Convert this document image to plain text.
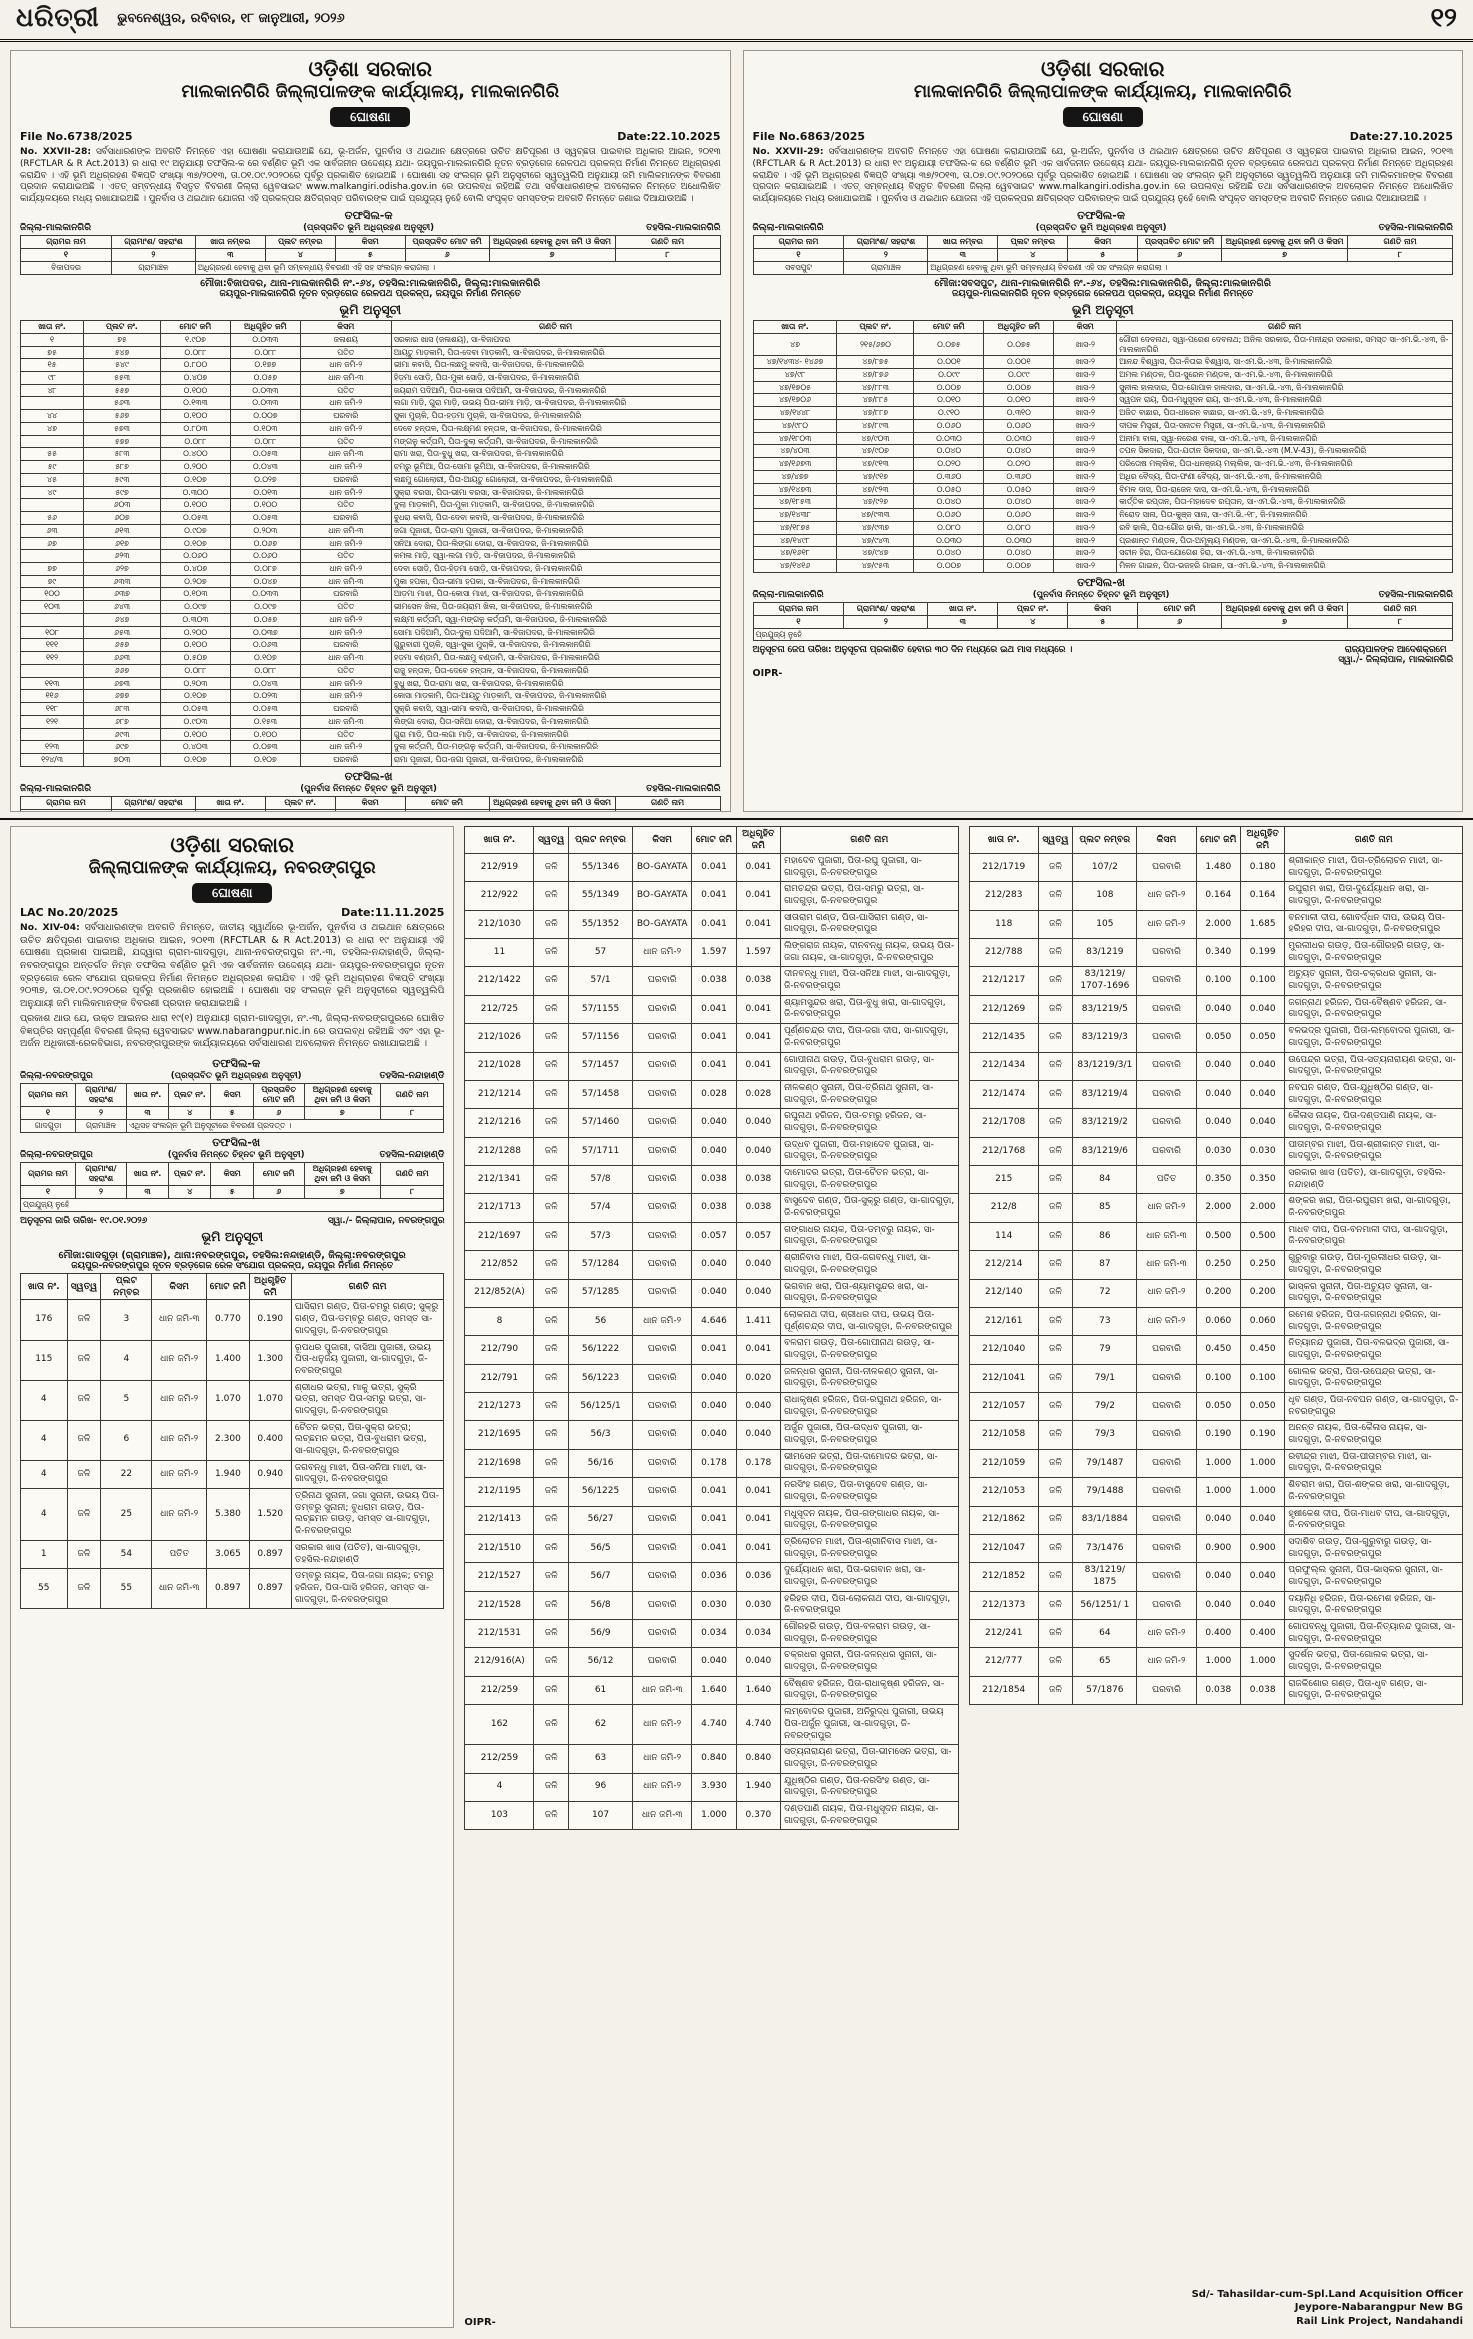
ଧରିତ୍ରୀ ଭୁବନେଶ୍ୱର, ରବିବାର, ୧୮ ଜାନୁଆରୀ, ୨୦୨୬	୧୨
ଓଡ଼ିଶା ସରକାର
ମାଲକାନଗିରି ଜିଲ୍ଲାପାଳଙ୍କ କାର୍ଯ୍ୟାଳୟ, ମାଲକାନଗିରି
ଘୋଷଣା
File No.6738/2025	Date:22.10.2025

No. XXVII-28: ସର୍ବସାଧାରଣଙ୍କ ଅବଗତି ନିମନ୍ତେ ଏହା ଘୋଷଣା କରାଯାଉଅଛି ଯେ, ଭୂ-ଅର୍ଜନ, ପୁନର୍ବାସ ଓ ଥଇଥାନ କ୍ଷେତ୍ରରେ ଉଚିତ କ୍ଷତିପୂରଣ ଓ ସ୍ୱଚ୍ଛତା ପାଇବାର ଅଧିକାର ଆଇନ, ୨୦୧୩ (RFCTLAR & R Act.2013) ର ଧାରା ୧୯ ଅନୁଯାୟୀ ତଫସିଲ-କ ରେ ବର୍ଣ୍ଣିତ ଭୂମି ଏକ ସାର୍ବଜନୀନ ଉଦ୍ଦେଶ୍ୟ ଯଥା- ଜୟପୁର-ମାଲକାନଗିରି ନୂତନ ବ୍ରଡ଼ଗେଜ ରେଳପଥ ପ୍ରକଳ୍ପ ନିର୍ମାଣ ନିମନ୍ତେ ଅଧିଗ୍ରହଣ କରାଯିବ । ଏହି ଭୂମି ଅଧିଗ୍ରହଣ ବିଜ୍ଞପ୍ତି ସଂଖ୍ୟା ୩୭/୨୦୧୩, ତା.୦୧.୦୯.୨୦୨୦ରେ ପୂର୍ବରୁ ପ୍ରକାଶିତ ହୋଇଅଛି । ଘୋଷଣା ସହ ସଂଲଗ୍ନ ଭୂମି ଅନୁସୂଚୀରେ ସ୍ୱତ୍ୱଲିପି ଅନୁଯାୟୀ ଜମି ମାଲିକମାନଙ୍କ ବିବରଣୀ ପ୍ରଦାନ କରାଯାଇଅଛି । ଏତତ୍ ସମ୍ବନ୍ଧୀୟ ବିସ୍ତୃତ ବିବରଣୀ ଜିଲ୍ଲା ୱେବସାଇଟ www.malkangiri.odisha.gov.in ରେ ଉପଲବ୍ଧ ରହିଅଛି ତଥା ସର୍ବସାଧାରଣଙ୍କ ଅବଲୋକନ ନିମନ୍ତେ ଅଧୋଲିଖିତ କାର୍ଯ୍ୟାଳୟରେ ମଧ୍ୟ ରଖାଯାଇଅଛି । ପୁନର୍ବାସ ଓ ଥଇଥାନ ଯୋଜନା ଏହି ପ୍ରକଳ୍ପର କ୍ଷତିଗ୍ରସ୍ତ ପରିବାରଙ୍କ ପାଇଁ ପ୍ରଯୁଜ୍ୟ ନୁହେଁ ବୋଲି ସଂପୃକ୍ତ ସମସ୍ତଙ୍କ ଅବଗତି ନିମନ୍ତେ ଜଣାଇ ଦିଆଯାଉଅଛି ।

ଜିଲ୍ଲା-ମାଲକାନଗିରି
ତଫସିଲ-କ
(ପ୍ରସ୍ତାବିତ ଭୂମି ଅଧିଗ୍ରହଣ ଅନୁସୂଚୀ)	ତହସିଲ-ମାଲକାନଗିରି
ଗ୍ରାମର ନାମ	ଗ୍ରାମାଂଶ/ ସହରାଂଶ	ଖାତା ନମ୍ବର	ପ୍ଲଟ ନମ୍ବର	କିସମ	ପ୍ରସ୍ତାବିତ ମୋଟ ଜମି	ଅଧିଗ୍ରହଣ ହେବାକୁ ଥିବା ଜମି ଓ କିସମ	ଗଣତି ନାମ
୧	୨	୩	୪	୫	୬	୭	୮
ବିଜାପଦର	ଗ୍ରାମାଞ୍ଚଳ	ଅଧିଗ୍ରହଣ ହେବାକୁ ଥିବା ଭୂମି ସମ୍ବନ୍ଧୀୟ ବିବରଣୀ ଏହି ସହ ସଂଲଗ୍ନ କରାଗଲା ।					
ମୌଜା:ବିଜାପଦର, ଥାନା-ମାଲକାନଗିରି ନଂ.-୬୪, ତହସିଲ:ମାଲକାନଗିରି, ଜିଲ୍ଲା:ମାଲକାନଗିରି
ଜୟପୁର-ମାଲକାନଗିରି ନୂତନ ବ୍ରଡ଼ଗେଜ ରେଳପଥ ପ୍ରକଳ୍ପ, ଜୟପୁର ନିର୍ମାଣ ନିମନ୍ତେ
ଭୂମି ଅନୁସୂଚୀ
ଖାତା ନଂ.	ପ୍ଲଟ ନଂ.	ମୋଟ ଜମି	ଅଧିଗୃହିତ ଜମି	କିସମ	ଗଣତି ନାମ
୧	୭୫	୧.୯୦୭	୦.୦୩୩	ଜଳାଶୟ	ସରକାର ଖାସ (ଜଳାଶୟ), ସା-ବିଜାପଦର
୭୫	୫୪୭	୦.୦୮୮	୦.୦୮୮	ପତିତ	ଆୟତୁ ମାଡ଼କାମି, ପିତା-ଦେବା ମାଡ଼କାମି, ସା-ବିଜାପଦର, ଜି-ମାଲକାନଗିରି
୧୫	୫୪୯	୦.୮୦୦	୦.୧୭୭	ଧାନ ଜମି-୨	ଭୀମା କବାସି, ପିତା-ଲଛମୁ କବାସି, ସା-ବିଜାପଦର, ଜି-ମାଲକାନଗିରି
୯୮	୫୫୩	୦.୪୦୭	୦.୦୫୭	ଧାନ ଜମି-୩	ହିଡ଼ମା ସୋଡ଼ି, ପିତା-ମୁକା ସୋଡ଼ି, ସା-ବିଜାପଦର, ଜି-ମାଲକାନଗିରି
୪୮	୫୫୭	୦.୧୦୦	୦.୦୩୩	ପତିତ	ଜୟରାମ ପଦିଆମି, ପିତା-କୋସା ପଦିଆମି, ସା-ବିଜାପଦର, ଜି-ମାଲକାନଗିରି
	୫୬୩	୦.୧୩୩	୦.୦୩୩	ଧାନ ଜମି-୨	ଲଗା ମାଡ଼ି, ଗୁରା ମାଡ଼ି, ଉଭୟ ପିତା-ଭୀମା ମାଡ଼ି, ସା-ବିଜାପଦର, ଜି-ମାଲକାନଗିରି
୪୪	୫୬୭	୦.୧୦୦	୦.୦୦୭	ଘରବାରି	ସୁକା ମୁଚାକି, ପିତା-ହଡ଼ମା ମୁଚାକି, ସା-ବିଜାପଦର, ଜି-ମାଲକାନଗିରି
୪୭	୫୭୩	୦.୮୦୩	୦.୧୦୩	ଧାନ ଜମି-୨	ଦେବେ ହନ୍ତାଳ, ପିତା-ଲକ୍ଷ୍ମଣ ହନ୍ତାଳ, ସା-ବିଜାପଦର, ଜି-ମାଲକାନଗିରି
	୫୭୭	୦.୦୮୮	୦.୦୮୮	ପତିତ	ମଙ୍ଗଳୁ କର୍ତ୍ତାମି, ପିତା-ଦୁଲା କର୍ତ୍ତାମି, ସା-ବିଜାପଦର, ଜି-ମାଲକାନଗିରି
୫୫	୫୮୩	୦.୪୦୦	୦.୦୫୩	ଧାନ ଜମି-୩	ରାମା ଖରା, ପିତା-ବୁଧୁ ଖରା, ସା-ବିଜାପଦର, ଜି-ମାଲକାନଗିରି
୫୯	୫୮୭	୦.୨୦୦	୦.୦୪୩	ଧାନ ଜମି-୨	ଚମରୁ ଭୂମିଆ, ପିତା-ସୋମା ଭୂମିଆ, ସା-ବିଜାପଦର, ଜି-ମାଲକାନଗିରି
୪୫	୫୯୩	୦.୧୦୭	୦.୦୨୭	ଘରବାରି	ଲଛମୁ ଗୋଲୋରୀ, ପିତା-ଆୟତୁ ଗୋଲୋରୀ, ସା-ବିଜାପଦର, ଜି-ମାଲକାନଗିରି
୪୯	୫୯୭	୦.୩୦୦	୦.୦୧୩	ଧାନ ଜମି-୨	ସୁକ୍ରା ବରସା, ପିତା-ଭୀମା ବରସା, ସା-ବିଜାପଦର, ଜି-ମାଲକାନଗିରି
	୬୦୩	୦.୧୦୦	୦.୧୦୦	ପତିତ	ଦୁଲା ମାଡ଼କାମି, ପିତା-ମୁକା ମାଡ଼କାମି, ସା-ବିଜାପଦର, ଜି-ମାଲକାନଗିରି
୫୬	୬୦୭	୦.୦୫୩	୦.୦୫୩	ଘରବାରି	ବୁଧରା କବାସି, ପିତା-ଦେବା କବାସି, ସା-ବିଜାପଦର, ଜି-ମାଲକାନଗିରି
୬୩	୬୧୩	୦.୯୦୭	୦.୨୦୩	ଧାନ ଜମି-୩	ଜଗା ପୂଜାରୀ, ପିତା-ରାମା ପୂଜାରୀ, ସା-ବିଜାପଦର, ଜି-ମାଲକାନଗିରି
୬୭	୬୧୭	୦.୧୦୭	୦.୦୬୭	ଧାନ ଜମି-୨	ସନିଆ ଦୋରା, ପିତା-ଲିଙ୍ଗା ଦୋରା, ସା-ବିଜାପଦର, ଜି-ମାଲକାନଗିରି
	୬୨୩	୦.୦୬୦	୦.୦୬୦	ପତିତ	କମଳା ମାଡ଼ି, ସ୍ୱା-ଲଗା ମାଡ଼ି, ସା-ବିଜାପଦର, ଜି-ମାଲକାନଗିରି
୭୭	୬୨୭	୦.୪୦୭	୦.୦୮୭	ଧାନ ଜମି-୨	ଦେବା ସୋଡ଼ି, ପିତା-ହିଡ଼ମା ସୋଡ଼ି, ସା-ବିଜାପଦର, ଜି-ମାଲକାନଗିରି
୭୯	୬୩୩	୦.୨୦୭	୦.୦୪୭	ଧାନ ଜମି-୩	ମୁକା ହପକା, ପିତା-ଭୀମା ହପକା, ସା-ବିଜାପଦର, ଜି-ମାଲକାନଗିରି
୧୦୦	୬୩୭	୦.୧୦୩	୦.୦୩୩	ଘରବାରି	ଆଡ଼ମା ମାଝୀ, ପିତା-କୋସା ମାଝୀ, ସା-ବିଜାପଦର, ଜି-ମାଲକାନଗିରି
୧୦୩	୬୪୩	୦.୦୯୭	୦.୦୯୭	ପତିତ	ଭୀମସେନ ଖିଲ, ପିତା-ଜୟରାମ ଖିଲ, ସା-ବିଜାପଦର, ଜି-ମାଲକାନଗିରି
	୬୪୭	୦.୩୦୩	୦.୦୫୭	ଧାନ ଜମି-୨	ଲକ୍ଷ୍ମୀ କର୍ତ୍ତାମି, ସ୍ୱା-ମଙ୍ଗଳୁ କର୍ତ୍ତାମି, ସା-ବିଜାପଦର, ଜି-ମାଲକାନଗିରି
୧୦୮	୬୫୩	୦.୨୦୦	୦.୦୩୭	ଧାନ ଜମି-୨	ସୋମା ପଦିଆମି, ପିତା-ଦୁଲା ପଦିଆମି, ସା-ବିଜାପଦର, ଜି-ମାଲକାନଗିରି
୧୧୧	୬୫୭	୦.୧୦୦	୦.୦୬୩	ଘରବାରି	ଗୁରୁବାରୀ ମୁଚାକି, ସ୍ୱା-ସୁକା ମୁଚାକି, ସା-ବିଜାପଦର, ଜି-ମାଲକାନଗିରି
୧୧୨	୬୬୩	୦.୫୦୭	୦.୧୦୭	ଧାନ ଜମି-୩	ହଡ଼ମା ବଣ୍ଡାମି, ପିତା-ଲଛମୁ ବଣ୍ଡାମି, ସା-ବିଜାପଦର, ଜି-ମାଲକାନଗିରି
	୬୬୭	୦.୦୮୮	୦.୦୮୮	ପତିତ	ରାଜୁ ହନ୍ତାଳ, ପିତା-ଦେବେ ହନ୍ତାଳ, ସା-ବିଜାପଦର, ଜି-ମାଲକାନଗିରି
୧୧୩	୬୭୩	୦.୨୦୩	୦.୦୪୩	ଧାନ ଜମି-୨	ବୁଧୁ ଖରା, ପିତା-ରାମା ଖରା, ସା-ବିଜାପଦର, ଜି-ମାଲକାନଗିରି
୧୧୬	୬୭୭	୦.୧୦୭	୦.୦୨୩	ଧାନ ଜମି-୨	କୋସା ମାଡ଼କାମି, ପିତା-ଆୟତୁ ମାଡ଼କାମି, ସା-ବିଜାପଦର, ଜି-ମାଲକାନଗିରି
୧୧୮	୬୮୩	୦.୦୫୩	୦.୦୫୩	ଘରବାରି	ସୁକ୍ରି କବାସି, ସ୍ୱା-ଭୀମା କବାସି, ସା-ବିଜାପଦର, ଜି-ମାଲକାନଗିରି
୧୨୧	୬୮୭	୦.୯୦୩	୦.୧୫୩	ଧାନ ଜମି-୩	ଲିଙ୍ଗା ଦୋରା, ପିତା-ସନିଆ ଦୋରା, ସା-ବିଜାପଦର, ଜି-ମାଲକାନଗିରି
	୬୯୩	୦.୧୦୦	୦.୧୦୦	ପତିତ	ଗୁରା ମାଡ଼ି, ପିତା-ଲଗା ମାଡ଼ି, ସା-ବିଜାପଦର, ଜି-ମାଲକାନଗିରି
୧୨୩	୬୯୭	୦.୪୦୩	୦.୦୭୩	ଧାନ ଜମି-୨	ଦୁଲା କର୍ତ୍ତାମି, ପିତା-ମଙ୍ଗଳୁ କର୍ତ୍ତାମି, ସା-ବିଜାପଦର, ଜି-ମାଲକାନଗିରି
୧୨୪/୩	୭୦୩	୦.୧୦୭	୦.୧୦୭	ଘରବାରି	ରାମା ପୂଜାରୀ, ପିତା-ଜଗା ପୂଜାରୀ, ସା-ବିଜାପଦର, ଜି-ମାଲକାନଗିରି
ଜିଲ୍ଲା-ମାଲକାନଗିରି
ତଫସିଲ-ଖ
(ପୁନର୍ବାସ ନିମନ୍ତେ ଚିହ୍ନଟ ଭୂମି ଅନୁସୂଚୀ)	ତହସିଲ-ମାଲକାନଗିରି
ଗ୍ରାମର ନାମ	ଗ୍ରାମାଂଶ/ ସହରାଂଶ	ଖାତା ନଂ.	ପ୍ଲଟ ନଂ.	କିସମ	ମୋଟ ଜମି	ଅଧିଗ୍ରହଣ ହେବାକୁ ଥିବା ଜମି ଓ କିସମ	ଗଣତି ନାମ

ଓଡ଼ିଶା ସରକାର
ମାଲକାନଗିରି ଜିଲ୍ଲାପାଳଙ୍କ କାର୍ଯ୍ୟାଳୟ, ମାଲକାନଗିରି
ଘୋଷଣା
File No.6863/2025	Date:27.10.2025

No. XXVII-29: ସର୍ବସାଧାରଣଙ୍କ ଅବଗତି ନିମନ୍ତେ ଏହା ଘୋଷଣା କରାଯାଉଅଛି ଯେ, ଭୂ-ଅର୍ଜନ, ପୁନର୍ବାସ ଓ ଥଇଥାନ କ୍ଷେତ୍ରରେ ଉଚିତ କ୍ଷତିପୂରଣ ଓ ସ୍ୱଚ୍ଛତା ପାଇବାର ଅଧିକାର ଆଇନ, ୨୦୧୩ (RFCTLAR & R Act.2013) ର ଧାରା ୧୯ ଅନୁଯାୟୀ ତଫସିଲ-କ ରେ ବର୍ଣ୍ଣିତ ଭୂମି ଏକ ସାର୍ବଜନୀନ ଉଦ୍ଦେଶ୍ୟ ଯଥା- ଜୟପୁର-ମାଲକାନଗିରି ନୂତନ ବ୍ରଡ଼ଗେଜ ରେଳପଥ ପ୍ରକଳ୍ପ ନିର୍ମାଣ ନିମନ୍ତେ ଅଧିଗ୍ରହଣ କରାଯିବ । ଏହି ଭୂମି ଅଧିଗ୍ରହଣ ବିଜ୍ଞପ୍ତି ସଂଖ୍ୟା ୩୭/୨୦୧୩, ତା.୦୭.୦୯.୨୦୨୦ରେ ପୂର୍ବରୁ ପ୍ରକାଶିତ ହୋଇଅଛି । ଘୋଷଣା ସହ ସଂଲଗ୍ନ ଭୂମି ଅନୁସୂଚୀରେ ସ୍ୱତ୍ୱଲିପି ଅନୁଯାୟୀ ଜମି ମାଲିକମାନଙ୍କ ବିବରଣୀ ପ୍ରଦାନ କରାଯାଇଅଛି । ଏତତ୍ ସମ୍ବନ୍ଧୀୟ ବିସ୍ତୃତ ବିବରଣୀ ଜିଲ୍ଲା ୱେବସାଇଟ www.malkangiri.odisha.gov.in ରେ ଉପଲବ୍ଧ ରହିଅଛି ତଥା ସର୍ବସାଧାରଣଙ୍କ ଅବଲୋକନ ନିମନ୍ତେ ଅଧୋଲିଖିତ କାର୍ଯ୍ୟାଳୟରେ ମଧ୍ୟ ରଖାଯାଇଅଛି । ପୁନର୍ବାସ ଓ ଥଇଥାନ ଯୋଜନା ଏହି ପ୍ରକଳ୍ପର କ୍ଷତିଗ୍ରସ୍ତ ପରିବାରଙ୍କ ପାଇଁ ପ୍ରଯୁଜ୍ୟ ନୁହେଁ ବୋଲି ସଂପୃକ୍ତ ସମସ୍ତଙ୍କ ଅବଗତି ନିମନ୍ତେ ଜଣାଇ ଦିଆଯାଉଅଛି ।

ଜିଲ୍ଲା-ମାଲକାନଗିରି
ତଫସିଲ-କ
(ପ୍ରସ୍ତାବିତ ଭୂମି ଅଧିଗ୍ରହଣ ଅନୁସୂଚୀ)	ତହସିଲ-ମାଲକାନଗିରି
ଗ୍ରାମର ନାମ	ଗ୍ରାମାଂଶ/ ସହରାଂଶ	ଖାତା ନମ୍ବର	ପ୍ଲଟ ନମ୍ବର	କିସମ	ପ୍ରସ୍ତାବିତ ମୋଟ ଜମି	ଅଧିଗ୍ରହଣ ହେବାକୁ ଥିବା ଜମି ଓ କିସମ	ଗଣତି ନାମ
୧	୨	୩	୪	୫	୬	୭	୮
ସବସପୁଟ	ଗ୍ରାମାଞ୍ଚଳ	ଅଧିଗ୍ରହଣ ହେବାକୁ ଥିବା ଭୂମି ସମ୍ବନ୍ଧୀୟ ବିବରଣୀ ଏହି ସହ ସଂଲଗ୍ନ କରାଗଲା ।					
ମୌଜା:ସବସପୁଟ, ଥାନା-ମାଲକାନଗିରି ନଂ.-୬୪, ତହସିଲ:ମାଲକାନଗିରି, ଜିଲ୍ଲା:ମାଲକାନଗିରି
ଜୟପୁର-ମାଲକାନଗିରି ନୂତନ ବ୍ରଡ଼ଗେଜ ରେଳପଥ ପ୍ରକଳ୍ପ, ଜୟପୁର ନିର୍ମାଣ ନିମନ୍ତେ
ଭୂମି ଅନୁସୂଚୀ
ଖାତା ନଂ.	ପ୍ଲଟ ନଂ.	ମୋଟ ଜମି	ଅଧିଗୃହିତ ଜମି	କିସମ	ଗଣତି ନାମ
୪୭	୨୧୫/୬୭୦	୦.୦୭୫	୦.୦୭୫	ଖାସ-୨	ଗୌରୀ ଦେବନାଥ, ସ୍ୱା-ପରେଶ ଦେବନାଥ; ଅନିଲ ସରକାର, ପିତା-ମନୀନ୍ଦ୍ର ସରକାର, ସମସ୍ତ ସା-ଏମ.ଭି.-୪୩, ଜି-ମାଲକାନଗିରି
୪୭/୧୪୩୪- ୧୪୬୭	୪୭/୮୭୫	୦.୦୦୧	୦.୦୦୧	ଖାସ-୨	ଆନନ୍ଦ ବିଶ୍ୱାସ, ପିତା-ନିତାଇ ବିଶ୍ୱାସ, ସା-ଏମ.ଭି.-୪୩, ଜି-ମାଲକାନଗିରି
୪୭/୯୮	୪୭/୮୭୬	୦.୦୯୯	୦.୦୯୯	ଖାସ-୨	ଅମଲ ମଣ୍ଡଳ, ପିତା-ସୁରେନ ମଣ୍ଡଳ, ସା-ଏମ.ଭି.-୪୩, ଜି-ମାଲକାନଗିରି
୪୭/୧୭୦୫	୪୭/୮୮୩	୦.୦୦୭	୦.୦୦୭	ଖାସ-୨	ସୁନୀଲ ହାଲଦାର, ପିତା-ଗୋପାଳ ହାଲଦାର, ସା-ଏମ.ଭି.-୪୩, ଜି-ମାଲକାନଗିରି
୪୭/୧୭୦୬	୪୭/୮୮୫	୦.୦୧୦	୦.୦୧୦	ଖାସ-୨	ସ୍ୱପନ ରାୟ, ପିତା-ମଧୁସୂଦନ ରାୟ, ସା-ଏମ.ଭି.-୪୩, ଜି-ମାଲକାନଗିରି
୪୭/୧୪୪୮	୪୭/୮୮୭	୦.୯୧୦	୦.୩୧୦	ଖାସ-୨	ଅଜିତ ବାଛାର, ପିତା-ଧୀରେନ ବାଛାର, ସା-ଏମ.ଭି.-୪୨, ଜି-ମାଲକାନଗିରି
୪୭/୯୮୦	୪୭/୮୯୩	୦.୦୬୦	୦.୦୬୦	ଖାସ-୨	ଦୀପକ ମିସ୍ତ୍ରୀ, ପିତା-ସନାତନ ମିସ୍ତ୍ରୀ, ସା-ଏମ.ଭି.-୪୩, ଜି-ମାଲକାନଗିରି
୪୭/୧୮୦୩	୪୭/୯୦୩	୦.୦୩୦	୦.୦୩୦	ଖାସ-୨	ଅନୀମା ବାଳା, ସ୍ୱା-ନରେଶ ବାଳା, ସା-ଏମ.ଭି.-୪୩, ଜି-ମାଲକାନଗିରି
୪୭/୪୦୩	୪୭/୯୦୭	୦.୦୪୦	୦.୦୪୦	ଖାସ-୨	ତପନ ସିକଦାର, ପିତା-ଯତୀନ ସିକଦାର, ସା-ଏମ.ଭି.-୪୩ (M.V-43), ଜି-ମାଲକାନଗିରି
୪୭/୧୬୭୩	୪୭/୯୧୩	୦.୦୨୦	୦.୦୨୦	ଖାସ-୨	ପରିତୋଷ ମଲ୍ଲିକ, ପିତା-ଧନଞ୍ଜୟ ମଲ୍ଲିକ, ସା-ଏମ.ଭି.-୪୩, ଜି-ମାଲକାନଗିରି
୪୭/୪୭୭	୪୭/୯୧୭	୦.୩୬୦	୦.୩୬୦	ଖାସ-୨	ଅଧିର ବୈଦ୍ୟ, ପିତା-ଫଣୀ ବୈଦ୍ୟ, ସା-ଏମ.ଭି.-୪୩, ଜି-ମାଲକାନଗିରି
୪୭/୧୪୭୩	୪୭/୯୨୩	୦.୦୫୦	୦.୦୫୦	ଖାସ-୨	ବିମଳ ଦାସ, ପିତା-ରାଜେନ ଦାସ, ସା-ଏମ.ଭି.-୪୩, ଜି-ମାଲକାନଗିରି
୪୭/୧୮୫୩	୪୭/୯୨୭	୦.୦୪୦	୦.୦୪୦	ଖାସ-୨	କାର୍ତ୍ତିକ ରପ୍ତାନ, ପିତା-ମହାଦେବ ରପ୍ତାନ, ସା-ଏମ.ଭି.-୪୩, ଜି-ମାଲକାନଗିରି
୪୭/୧୪୩୮	୪୭/୯୩୩	୦.୦୬୦	୦.୦୬୦	ଖାସ-୨	ନିରୋଦ ସାନା, ପିତା-କୁଞ୍ଜ ସାନା, ସା-ଏମ.ଭି.-୧୮, ଜି-ମାଲକାନଗିରି
୪୭/୧୮୭୫	୪୭/୯୩୭	୦.୦୮୦	୦.୦୮୦	ଖାସ-୨	ରବି ଢାଲି, ପିତା-ଗୌର ଢାଲି, ସା-ଏମ.ଭି.-୪୩, ଜି-ମାଲକାନଗିରି
୪୭/୧୪୯୮	୪୭/୯୪୩	୦.୦୩୦	୦.୦୩୦	ଖାସ-୨	ପ୍ରଶାନ୍ତ ମଣ୍ଡଳ, ପିତା-ଅମୂଲ୍ୟ ମଣ୍ଡଳ, ସା-ଏମ.ଭି.-୪୩, ଜି-ମାଲକାନଗିରି
୪୭/୧୬୧୮	୪୭/୯୪୭	୦.୦୪୦	୦.୦୪୦	ଖାସ-୨	ସଚୀନ ହିରା, ପିତା-ଯୋଗେଶ ହିରା, ସା-ଏମ.ଭି.-୪୩, ଜି-ମାଲକାନଗିରି
୪୭/୧୪୧୬	୪୭/୯୫୩	୦.୦୦୭	୦.୦୦୭	ଖାସ-୨	ମିଳନ ଗାଇନ, ପିତା-ଭଜହରି ଗାଇନ, ସା-ଏମ.ଭି.-୪୩, ଜି-ମାଲକାନଗିରି
ଜିଲ୍ଲା-ମାଲକାନଗିରି
ତଫସିଲ-ଖ
(ପୁନର୍ବାସ ନିମନ୍ତେ ଚିହ୍ନଟ ଭୂମି ଅନୁସୂଚୀ)	ତହସିଲ-ମାଲକାନଗିରି
ଗ୍ରାମର ନାମ	ଗ୍ରାମାଂଶ/ ସହରାଂଶ	ଖାତା ନଂ.	ପ୍ଲଟ ନଂ.	କିସମ	ମୋଟ ଜମି	ଅଧିଗ୍ରହଣ ହେବାକୁ ଥିବା ଜମି ଓ କିସମ	ଗଣତି ନାମ
୧	୨	୩	୪	୫	୬	୭	୮
ପ୍ରଯୁଜ୍ୟ ନୁହେଁ							
ଅନୁସୂଚନା ଜେପ ତାରିଖ: ଅନୁସୂଚନା ପ୍ରକାଶିତ ହେବାର ୩୦ ଦିନ ମଧ୍ୟରେ ଇଥ ମାସ ମଧ୍ୟରେ ।	ରାଜ୍ୟପାଳଙ୍କ ଆଦେଶକ୍ରମେ
ସ୍ୱା./- ଜିଲ୍ଲାପାଳ, ମାଲକାନଗିରି
OIPR-
ଓଡ଼ିଶା ସରକାର
ଜିଲ୍ଲାପାଳଙ୍କ କାର୍ଯ୍ୟାଳୟ, ନବରଙ୍ଗପୁର
ଘୋଷଣା
LAC No.20/2025	Date:11.11.2025

No. XIV-04: ସର୍ବସାଧାରଣଙ୍କ ଅବଗତି ନିମନ୍ତେ, ଜାତୀୟ ସ୍ୱାର୍ଥରେ ଭୂ-ଅର୍ଜନ, ପୁନର୍ବାସ ଓ ଥଇଥାନ କ୍ଷେତ୍ରରେ ଉଚିତ କ୍ଷତିପୂରଣ ପାଇବାର ଅଧିକାର ଆଇନ, ୨୦୧୩ (RFCTLAR & R Act.2013) ର ଧାରା ୧୯ ଅନୁଯାୟୀ ଏହି ଘୋଷଣା ପ୍ରକାଶ ପାଇଅଛି, ଯଦ୍ଦ୍ୱାରା ଗ୍ରାମ-ଗାଦଗୁଡ଼ା, ଥାନା-ନବରଙ୍ଗପୁର ନଂ.-୩, ତହସିଲ-ନନ୍ଦାହାଣ୍ଡି, ଜିଲ୍ଲା-ନବରଙ୍ଗପୁର ଅନ୍ତର୍ଗତ ନିମ୍ନ ତଫସିଲ ବର୍ଣ୍ଣିତ ଭୂମି ଏକ ସାର୍ବଜନୀନ ଉଦ୍ଦେଶ୍ୟ ଯଥା- ଜୟପୁର-ନବରଙ୍ଗପୁର ନୂତନ ବ୍ରଡ଼ଗେଜ ରେଳ ସଂଯୋଗ ପ୍ରକଳ୍ପ ନିର୍ମାଣ ନିମନ୍ତେ ଅଧିଗ୍ରହଣ କରାଯିବ । ଏହି ଭୂମି ଅଧିଗ୍ରହଣ ବିଜ୍ଞପ୍ତି ସଂଖ୍ୟା ୨୦୩୭, ତା.୦୧.୦୯.୨୦୨୦ରେ ପୂର୍ବରୁ ପ୍ରକାଶିତ ହୋଇଅଛି । ଘୋଷଣା ସହ ସଂଲଗ୍ନ ଭୂମି ଅନୁସୂଚୀରେ ସ୍ୱତ୍ୱଲିପି ଅନୁଯାୟୀ ଜମି ମାଲିକମାନଙ୍କ ବିବରଣୀ ପ୍ରଦାନ କରାଯାଇଅଛି ।

ପ୍ରକାଶ ଥାଉ ଯେ, ଉକ୍ତ ଆଇନର ଧାରା ୧୯(୧) ଅନୁଯାୟୀ ଗ୍ରାମ-ଗାଦଗୁଡ଼ା, ନଂ.-୩, ଜିଲ୍ଲା-ନବରଙ୍ଗପୁରରେ ଘୋଷିତ ବିଜ୍ଞପ୍ତିର ସମ୍ପୂର୍ଣ୍ଣ ବିବରଣୀ ଜିଲ୍ଲା ୱେବସାଇଟ www.nabarangpur.nic.in ରେ ଉପଲବ୍ଧ ରହିଅଛି ଏବଂ ଏହା ଭୂ-ଅର୍ଜନ ଅଧିକାରୀ-ରେଳବିଭାଗ, ନବରଙ୍ଗପୁରଙ୍କ କାର୍ଯ୍ୟାଳୟରେ ସର୍ବସାଧାରଣ ଅବଲୋକନ ନିମନ୍ତେ ରଖାଯାଇଅଛି ।

ଜିଲ୍ଲା-ନବରଙ୍ଗପୁର
ତଫସିଲ-କ
(ପ୍ରସ୍ତାବିତ ଭୂମି ଅଧିଗ୍ରହଣ ଅନୁସୂଚୀ)	ତହସିଲ-ନନ୍ଦାହାଣ୍ଡି
ଗ୍ରାମର ନାମ	ଗ୍ରାମାଂଶ/ ସହରାଂଶ	ଖାତା ନଂ.	ପ୍ଲଟ ନଂ.	କିସମ	ପ୍ରସ୍ତାବିତ ମୋଟ ଜମି	ଅଧିଗ୍ରହଣ ହେବାକୁ ଥିବା ଜମି ଓ କିସମ	ଗଣତି ନାମ
୧	୨	୩	୪	୫	୬	୭	୮
ଗାଦଗୁଡ଼ା	ଗ୍ରାମାଞ୍ଚଳ	ଏଥିସହ ସଂଲଗ୍ନ ଭୂମି ଅନୁସୂଚୀରେ ବିବରଣୀ ପ୍ରଦତ୍ତ ।					
ଜିଲ୍ଲା-ନବରଙ୍ଗପୁର
ତଫସିଲ-ଖ
(ପୁନର୍ବାସ ନିମନ୍ତେ ଚିହ୍ନଟ ଭୂମି ଅନୁସୂଚୀ)	ତହସିଲ-ନନ୍ଦାହାଣ୍ଡି
ଗ୍ରାମର ନାମ	ଗ୍ରାମାଂଶ/ ସହରାଂଶ	ଖାତା ନଂ.	ପ୍ଲଟ ନଂ.	କିସମ	ମୋଟ ଜମି	ଅଧିଗ୍ରହଣ ହେବାକୁ ଥିବା ଜମି ଓ କିସମ	ଗଣତି ନାମ
୧	୨	୩	୪	୫	୬	୭	୮
ପ୍ରଯୁଜ୍ୟ ନୁହେଁ							
ଅନୁସୂଚନା ଜାରି ତାରିଖ- ୧୯.୦୧.୨୦୨୬	ସ୍ୱା./- ଜିଲ୍ଲାପାଳ, ନବରଙ୍ଗପୁର
ଭୂମି ଅନୁସୂଚୀ
ମୌଜା:ଗାଦଗୁଡ଼ା (ଗ୍ରାମାଞ୍ଚଳ), ଥାନା:ନବରଙ୍ଗପୁର, ତହସିଲ:ନନ୍ଦାହାଣ୍ଡି, ଜିଲ୍ଲା:ନବରଙ୍ଗପୁର
ଜୟପୁର-ନବରଙ୍ଗପୁର ନୂତନ ବ୍ରଡ଼ଗେଜ ରେଳ ସଂଯୋଗ ପ୍ରକଳ୍ପ, ଜୟପୁର ନିର୍ମାଣ ନିମନ୍ତେ
ଖାତା ନଂ.	ସ୍ୱତ୍ୱ	ପ୍ଲଟ ନମ୍ବର	କିସମ	ମୋଟ ଜମି	ଅଧିଗୃହିତ ଜମି	ଗଣତି ନାମ
176	ଜଳି	3	ଧାନ ଜମି-୩	0.770	0.190	ଘାସିରାମ ଗଣ୍ଡ, ପିତା-ଚମରୁ ଗଣ୍ଡ; ସୁକ୍ରୁ ଗଣ୍ଡ, ପିତା-ଡମ୍ବରୁ ଗଣ୍ଡ, ସମସ୍ତ ସା-ଗାଦଗୁଡ଼ା, ଜି-ନବରଙ୍ଗପୁର
115	ଜଳି	4	ଧାନ ଜମି-୨	1.400	1.300	ରୂପଧର ପୁଜାରୀ, ଦାସିଆ ପୁଜାରୀ, ଉଭୟ ପିତା-ଧନୁର୍ଜୟ ପୁଜାରୀ, ସା-ଗାଦଗୁଡ଼ା, ଜି-ନବରଙ୍ଗପୁର
4	ଜଳି	5	ଧାନ ଜମି-୨	1.070	1.070	ଶ୍ରୀଧର ଭତ୍ରା, ମାକୁ ଭତ୍ରା, ସୁକ୍ରି ଭତ୍ରା, ସମସ୍ତ ପିତା-ସମରୁ ଭତ୍ରା, ସା-ଗାଦଗୁଡ଼ା, ଜି-ନବରଙ୍ଗପୁର
4	ଜଳି	6	ଧାନ ଜମି-୨	2.300	0.400	ଚୈତନ ଭତ୍ରା, ପିତା-ସୁକ୍ରା ଭତ୍ରା; ଲଚ୍ଛମନ ଭତ୍ରା, ପିତା-ବୁଧରାମ ଭତ୍ରା, ସା-ଗାଦଗୁଡ଼ା, ଜି-ନବରଙ୍ଗପୁର
4	ଜଳି	22	ଧାନ ଜମି-୨	1.940	0.940	ଜଗବନ୍ଧୁ ମାଝୀ, ପିତା-ସନିଆ ମାଝୀ, ସା-ଗାଦଗୁଡ଼ା, ଜି-ନବରଙ୍ଗପୁର
4	ଜଳି	25	ଧାନ ଜମି-୨	5.380	1.520	ତ୍ରିନାଥ ସୁନାନୀ, ଜଗା ସୁନାନୀ, ଉଭୟ ପିତା-ଡମ୍ବରୁ ସୁନାନୀ; ବୁଧରାମ ଗଉଡ଼, ପିତା-ଲଚ୍ଛମନ ଗଉଡ଼, ସମସ୍ତ ସା-ଗାଦଗୁଡ଼ା, ଜି-ନବରଙ୍ଗପୁର
1	ଜଳି	54	ପତିତ	3.065	0.897	ସରକାର ଖାସ (ପତିତ), ସା-ଗାଦଗୁଡ଼ା, ତହସିଲ-ନନ୍ଦାହାଣ୍ଡି
55	ଜଳି	55	ଧାନ ଜମି-୩	0.897	0.897	ଡମ୍ବରୁ ନାୟକ, ପିତା-ଜଗା ନାୟକ; ଚମରୁ ହରିଜନ, ପିତା-ଘାସି ହରିଜନ, ସମସ୍ତ ସା-ଗାଦଗୁଡ଼ା, ଜି-ନବରଙ୍ଗପୁର
ଖାତା ନଂ.	ସ୍ୱତ୍ୱ	ପ୍ଲଟ ନମ୍ବର	କିସମ	ମୋଟ ଜମି	ଅଧିଗୃହିତ ଜମି	ଗଣତି ନାମ
212/919	ଜଳି	55/1346	BO-GAYATA	0.041	0.041	ମହାଦେବ ପୁଜାରୀ, ପିତା-ରଘୁ ପୁଜାରୀ, ସା-ଗାଦଗୁଡ଼ା, ଜି-ନବରଙ୍ଗପୁର
212/922	ଜଳି	55/1349	BO-GAYATA	0.041	0.041	ରାମଚନ୍ଦ୍ର ଭତ୍ରା, ପିତା-ସମରୁ ଭତ୍ରା, ସା-ଗାଦଗୁଡ଼ା, ଜି-ନବରଙ୍ଗପୁର
212/1030	ଜଳି	55/1352	BO-GAYATA	0.041	0.041	ସୀତାରାମ ଗଣ୍ଡ, ପିତା-ଘାସିରାମ ଗଣ୍ଡ, ସା-ଗାଦଗୁଡ଼ା, ଜି-ନବରଙ୍ଗପୁର
11	ଜଳି	57	ଧାନ ଜମି-୨	1.597	1.597	ଲିଙ୍ଗରାଜ ନାୟକ, ଦୀନବନ୍ଧୁ ନାୟକ, ଉଭୟ ପିତା-ଜଗା ନାୟକ, ସା-ଗାଦଗୁଡ଼ା, ଜି-ନବରଙ୍ଗପୁର
212/1422	ଜଳି	57/1	ଘରବାରି	0.038	0.038	ଦୀନବନ୍ଧୁ ମାଝୀ, ପିତା-ସନିଆ ମାଝୀ, ସା-ଗାଦଗୁଡ଼ା, ଜି-ନବରଙ୍ଗପୁର
212/725	ଜଳି	57/1155	ଘରବାରି	0.041	0.041	ଶ୍ୟାମସୁନ୍ଦର ଖରା, ପିତା-ବୁଧୁ ଖରା, ସା-ଗାଦଗୁଡ଼ା, ଜି-ନବରଙ୍ଗପୁର
212/1026	ଜଳି	57/1156	ଘରବାରି	0.041	0.041	ପୂର୍ଣ୍ଣଚନ୍ଦ୍ର ଦୀପ, ପିତା-ଜଗା ଦୀପ, ସା-ଗାଦଗୁଡ଼ା, ଜି-ନବରଙ୍ଗପୁର
212/1028	ଜଳି	57/1457	ଘରବାରି	0.041	0.041	ଗୋପୀନାଥ ଗଉଡ଼, ପିତା-ବୁଧରାମ ଗଉଡ଼, ସା-ଗାଦଗୁଡ଼ା, ଜି-ନବରଙ୍ଗପୁର
212/1214	ଜଳି	57/1458	ଘରବାରି	0.028	0.028	ନୀଳକଣ୍ଠ ସୁନାନୀ, ପିତା-ତ୍ରିନାଥ ସୁନାନୀ, ସା-ଗାଦଗୁଡ଼ା, ଜି-ନବରଙ୍ଗପୁର
212/1216	ଜଳି	57/1460	ଘରବାରି	0.040	0.040	ରଘୁନାଥ ହରିଜନ, ପିତା-ଚମରୁ ହରିଜନ, ସା-ଗାଦଗୁଡ଼ା, ଜି-ନବରଙ୍ଗପୁର
212/1288	ଜଳି	57/1711	ଘରବାରି	0.040	0.040	ଉଦ୍ଧବ ପୁଜାରୀ, ପିତା-ମହାଦେବ ପୁଜାରୀ, ସା-ଗାଦଗୁଡ଼ା, ଜି-ନବରଙ୍ଗପୁର
212/1341	ଜଳି	57/8	ଘରବାରି	0.038	0.038	ଦାମୋଦର ଭତ୍ରା, ପିତା-ଚୈତନ ଭତ୍ରା, ସା-ଗାଦଗୁଡ଼ା, ଜି-ନବରଙ୍ଗପୁର
212/1713	ଜଳି	57/4	ଘରବାରି	0.038	0.038	ବାସୁଦେବ ଗଣ୍ଡ, ପିତା-ସୁକ୍ରୁ ଗଣ୍ଡ, ସା-ଗାଦଗୁଡ଼ା, ଜି-ନବରଙ୍ଗପୁର
212/1697	ଜଳି	57/3	ଘରବାରି	0.057	0.057	ଗଙ୍ଗାଧର ନାୟକ, ପିତା-ଡମ୍ବରୁ ନାୟକ, ସା-ଗାଦଗୁଡ଼ା, ଜି-ନବରଙ୍ଗପୁର
212/852	ଜଳି	57/1284	ଘରବାରି	0.040	0.040	ଶ୍ରୀନିବାସ ମାଝୀ, ପିତା-ଜଗବନ୍ଧୁ ମାଝୀ, ସା-ଗାଦଗୁଡ଼ା, ଜି-ନବରଙ୍ଗପୁର
212/852(A)	ଜଳି	57/1285	ଘରବାରି	0.040	0.040	ଭଗବାନ ଖରା, ପିତା-ଶ୍ୟାମସୁନ୍ଦର ଖରା, ସା-ଗାଦଗୁଡ଼ା, ଜି-ନବରଙ୍ଗପୁର
8	ଜଳି	56	ଧାନ ଜମି-୨	4.646	1.411	ଲୋକନାଥ ଦୀପ, ଶ୍ରୀଧର ଦୀପ, ଉଭୟ ପିତା-ପୂର୍ଣ୍ଣଚନ୍ଦ୍ର ଦୀପ, ସା-ଗାଦଗୁଡ଼ା, ଜି-ନବରଙ୍ଗପୁର
212/790	ଜଳି	56/1222	ଘରବାରି	0.041	0.041	ବଳରାମ ଗଉଡ଼, ପିତା-ଗୋପୀନାଥ ଗଉଡ଼, ସା-ଗାଦଗୁଡ଼ା, ଜି-ନବରଙ୍ଗପୁର
212/791	ଜଳି	56/1223	ଘରବାରି	0.040	0.020	ଜଳନ୍ଧର ସୁନାନୀ, ପିତା-ନୀଳକଣ୍ଠ ସୁନାନୀ, ସା-ଗାଦଗୁଡ଼ା, ଜି-ନବରଙ୍ଗପୁର
212/1273	ଜଳି	56/125/1	ଘରବାରି	0.040	0.040	ରାଧାକୃଷ୍ଣ ହରିଜନ, ପିତା-ରଘୁନାଥ ହରିଜନ, ସା-ଗାଦଗୁଡ଼ା, ଜି-ନବରଙ୍ଗପୁର
212/1695	ଜଳି	56/3	ଘରବାରି	0.040	0.040	ଅର୍ଜୁନ ପୁଜାରୀ, ପିତା-ଉଦ୍ଧବ ପୁଜାରୀ, ସା-ଗାଦଗୁଡ଼ା, ଜି-ନବରଙ୍ଗପୁର
212/1698	ଜଳି	56/16	ଘରବାରି	0.178	0.178	ଭୀମସେନ ଭତ୍ରା, ପିତା-ଦାମୋଦର ଭତ୍ରା, ସା-ଗାଦଗୁଡ଼ା, ଜି-ନବରଙ୍ଗପୁର
212/1195	ଜଳି	56/1225	ଘରବାରି	0.041	0.041	ନରସିଂହ ଗଣ୍ଡ, ପିତା-ବାସୁଦେବ ଗଣ୍ଡ, ସା-ଗାଦଗୁଡ଼ା, ଜି-ନବରଙ୍ଗପୁର
212/1413	ଜଳି	56/27	ଘରବାରି	0.041	0.041	ମଧୁସୂଦନ ନାୟକ, ପିତା-ଗଙ୍ଗାଧର ନାୟକ, ସା-ଗାଦଗୁଡ଼ା, ଜି-ନବରଙ୍ଗପୁର
212/1510	ଜଳି	56/5	ଘରବାରି	0.041	0.041	ତ୍ରିଲୋଚନ ମାଝୀ, ପିତା-ଶ୍ରୀନିବାସ ମାଝୀ, ସା-ଗାଦଗୁଡ଼ା, ଜି-ନବରଙ୍ଗପୁର
212/1527	ଜଳି	56/7	ଘରବାରି	0.036	0.036	ଦୁର୍ଯ୍ୟୋଧନ ଖରା, ପିତା-ଭଗବାନ ଖରା, ସା-ଗାଦଗୁଡ଼ା, ଜି-ନବରଙ୍ଗପୁର
212/1528	ଜଳି	56/8	ଘରବାରି	0.030	0.030	ହରିହର ଦୀପ, ପିତା-ଲୋକନାଥ ଦୀପ, ସା-ଗାଦଗୁଡ଼ା, ଜି-ନବରଙ୍ଗପୁର
212/1531	ଜଳି	56/9	ଘରବାରି	0.034	0.034	ଗୌରହରି ଗଉଡ଼, ପିତା-ବଳରାମ ଗଉଡ଼, ସା-ଗାଦଗୁଡ଼ା, ଜି-ନବରଙ୍ଗପୁର
212/916(A)	ଜଳି	56/12	ଘରବାରି	0.040	0.040	ଚକ୍ରଧର ସୁନାନୀ, ପିତା-ଜଳନ୍ଧର ସୁନାନୀ, ସା-ଗାଦଗୁଡ଼ା, ଜି-ନବରଙ୍ଗପୁର
212/259	ଜଳି	61	ଧାନ ଜମି-୩	1.640	1.640	ବୈଷ୍ଣବ ହରିଜନ, ପିତା-ରାଧାକୃଷ୍ଣ ହରିଜନ, ସା-ଗାଦଗୁଡ଼ା, ଜି-ନବରଙ୍ଗପୁର
162	ଜଳି	62	ଧାନ ଜମି-୨	4.740	4.740	ଲମ୍ବୋଦର ପୁଜାରୀ, ଅନିରୁଦ୍ଧ ପୁଜାରୀ, ଉଭୟ ପିତା-ଅର୍ଜୁନ ପୁଜାରୀ, ସା-ଗାଦଗୁଡ଼ା, ଜି-ନବରଙ୍ଗପୁର
212/259	ଜଳି	63	ଧାନ ଜମି-୨	0.840	0.840	ସତ୍ୟନାରାୟଣ ଭତ୍ରା, ପିତା-ଭୀମସେନ ଭତ୍ରା, ସା-ଗାଦଗୁଡ଼ା, ଜି-ନବରଙ୍ଗପୁର
4	ଜଳି	96	ଧାନ ଜମି-୨	3.930	1.940	ଯୁଧିଷ୍ଠିର ଗଣ୍ଡ, ପିତା-ନରସିଂହ ଗଣ୍ଡ, ସା-ଗାଦଗୁଡ଼ା, ଜି-ନବରଙ୍ଗପୁର
103	ଜଳି	107	ଧାନ ଜମି-୩	1.000	0.370	ଦଣ୍ଡପାଣି ନାୟକ, ପିତା-ମଧୁସୂଦନ ନାୟକ, ସା-ଗାଦଗୁଡ଼ା, ଜି-ନବରଙ୍ଗପୁର
OIPR-
ଖାତା ନଂ.	ସ୍ୱତ୍ୱ	ପ୍ଲଟ ନମ୍ବର	କିସମ	ମୋଟ ଜମି	ଅଧିଗୃହିତ ଜମି	ଗଣତି ନାମ
212/1719	ଜଳି	107/2	ଘରବାରି	1.480	0.180	ଶ୍ରୀକାନ୍ତ ମାଝୀ, ପିତା-ତ୍ରିଲୋଚନ ମାଝୀ, ସା-ଗାଦଗୁଡ଼ା, ଜି-ନବରଙ୍ଗପୁର
212/283	ଜଳି	108	ଧାନ ଜମି-୨	0.164	0.164	ରଘୁରାମ ଖରା, ପିତା-ଦୁର୍ଯ୍ୟୋଧନ ଖରା, ସା-ଗାଦଗୁଡ଼ା, ଜି-ନବରଙ୍ଗପୁର
118	ଜଳି	105	ଧାନ ଜମି-୨	2.000	1.685	ବନମାଳୀ ଦୀପ, ଗୋବର୍ଦ୍ଧନ ଦୀପ, ଉଭୟ ପିତା-ହରିହର ଦୀପ, ସା-ଗାଦଗୁଡ଼ା, ଜି-ନବରଙ୍ଗପୁର
212/788	ଜଳି	83/1219	ଘରବାରି	0.340	0.199	ମୁରଲୀଧର ଗଉଡ଼, ପିତା-ଗୌରହରି ଗଉଡ଼, ସା-ଗାଦଗୁଡ଼ା, ଜି-ନବରଙ୍ଗପୁର
212/1217	ଜଳି	83/1219/ 1707-1696	ଘରବାରି	0.100	0.100	ଅଚ୍ୟୁତ ସୁନାନୀ, ପିତା-ଚକ୍ରଧର ସୁନାନୀ, ସା-ଗାଦଗୁଡ଼ା, ଜି-ନବରଙ୍ଗପୁର
212/1269	ଜଳି	83/1219/5	ଘରବାରି	0.040	0.040	ଜଗନ୍ନାଥ ହରିଜନ, ପିତା-ବୈଷ୍ଣବ ହରିଜନ, ସା-ଗାଦଗୁଡ଼ା, ଜି-ନବରଙ୍ଗପୁର
212/1435	ଜଳି	83/1219/3	ଘରବାରି	0.050	0.050	ବଳଭଦ୍ର ପୁଜାରୀ, ପିତା-ଲମ୍ବୋଦର ପୁଜାରୀ, ସା-ଗାଦଗୁଡ଼ା, ଜି-ନବରଙ୍ଗପୁର
212/1434	ଜଳି	83/1219/3/1	ଘରବାରି	0.040	0.040	ଉପେନ୍ଦ୍ର ଭତ୍ରା, ପିତା-ସତ୍ୟନାରାୟଣ ଭତ୍ରା, ସା-ଗାଦଗୁଡ଼ା, ଜି-ନବରଙ୍ଗପୁର
212/1474	ଜଳି	83/1219/4	ଘରବାରି	0.040	0.040	ନବଘନ ଗଣ୍ଡ, ପିତା-ଯୁଧିଷ୍ଠିର ଗଣ୍ଡ, ସା-ଗାଦଗୁଡ଼ା, ଜି-ନବରଙ୍ଗପୁର
212/1708	ଜଳି	83/1219/2	ଘରବାରି	0.040	0.040	କୈଳାସ ନାୟକ, ପିତା-ଦଣ୍ଡପାଣି ନାୟକ, ସା-ଗାଦଗୁଡ଼ା, ଜି-ନବରଙ୍ଗପୁର
212/1768	ଜଳି	83/1219/6	ଘରବାରି	0.030	0.030	ପୀତାମ୍ବର ମାଝୀ, ପିତା-ଶ୍ରୀକାନ୍ତ ମାଝୀ, ସା-ଗାଦଗୁଡ଼ା, ଜି-ନବରଙ୍ଗପୁର
215	ଜଳି	84	ପତିତ	0.350	0.350	ସରକାର ଖାସ (ପତିତ), ସା-ଗାଦଗୁଡ଼ା, ତହସିଲ-ନନ୍ଦାହାଣ୍ଡି
212/8	ଜଳି	85	ଧାନ ଜମି-୨	2.000	2.000	ଶଙ୍କର ଖରା, ପିତା-ରଘୁରାମ ଖରା, ସା-ଗାଦଗୁଡ଼ା, ଜି-ନବରଙ୍ଗପୁର
114	ଜଳି	86	ଧାନ ଜମି-୩	0.500	0.500	ମାଧବ ଦୀପ, ପିତା-ବନମାଳୀ ଦୀପ, ସା-ଗାଦଗୁଡ଼ା, ଜି-ନବରଙ୍ଗପୁର
212/214	ଜଳି	87	ଧାନ ଜମି-୩	0.250	0.250	ଗୁରୁବାରୁ ଗଉଡ଼, ପିତା-ମୁରଲୀଧର ଗଉଡ଼, ସା-ଗାଦଗୁଡ଼ା, ଜି-ନବରଙ୍ଗପୁର
212/140	ଜଳି	72	ଧାନ ଜମି-୨	0.200	0.200	ଭାସ୍କର ସୁନାନୀ, ପିତା-ଅଚ୍ୟୁତ ସୁନାନୀ, ସା-ଗାଦଗୁଡ଼ା, ଜି-ନବରଙ୍ଗପୁର
212/161	ଜଳି	73	ଧାନ ଜମି-୨	0.060	0.060	ରମେଶ ହରିଜନ, ପିତା-ଜଗନ୍ନାଥ ହରିଜନ, ସା-ଗାଦଗୁଡ଼ା, ଜି-ନବରଙ୍ଗପୁର
212/1040	ଜଳି	79	ଘରବାରି	0.450	0.450	ନିତ୍ୟାନନ୍ଦ ପୁଜାରୀ, ପିତା-ବଳଭଦ୍ର ପୁଜାରୀ, ସା-ଗାଦଗୁଡ଼ା, ଜି-ନବରଙ୍ଗପୁର
212/1041	ଜଳି	79/1	ଘରବାରି	0.100	0.100	ଗୋଲକ ଭତ୍ରା, ପିତା-ଉପେନ୍ଦ୍ର ଭତ୍ରା, ସା-ଗାଦଗୁଡ଼ା, ଜି-ନବରଙ୍ଗପୁର
212/1057	ଜଳି	79/2	ଘରବାରି	0.050	0.050	ଧୃବ ଗଣ୍ଡ, ପିତା-ନବଘନ ଗଣ୍ଡ, ସା-ଗାଦଗୁଡ଼ା, ଜି-ନବରଙ୍ଗପୁର
212/1058	ଜଳି	79/3	ଘରବାରି	0.190	0.190	ଅନନ୍ତ ନାୟକ, ପିତା-କୈଳାସ ନାୟକ, ସା-ଗାଦଗୁଡ଼ା, ଜି-ନବରଙ୍ଗପୁର
212/1059	ଜଳି	79/1487	ଘରବାରି	1.000	1.000	ରବୀନ୍ଦ୍ର ମାଝୀ, ପିତା-ପୀତାମ୍ବର ମାଝୀ, ସା-ଗାଦଗୁଡ଼ା, ଜି-ନବରଙ୍ଗପୁର
212/1053	ଜଳି	79/1488	ଘରବାରି	1.000	1.000	ଶିବରାମ ଖରା, ପିତା-ଶଙ୍କର ଖରା, ସା-ଗାଦଗୁଡ଼ା, ଜି-ନବରଙ୍ଗପୁର
212/1862	ଜଳି	83/1/1884	ଘରବାରି	0.040	0.040	ହୃଷୀକେଶ ଦୀପ, ପିତା-ମାଧବ ଦୀପ, ସା-ଗାଦଗୁଡ଼ା, ଜି-ନବରଙ୍ଗପୁର
212/1047	ଜଳି	73/1476	ଘରବାରି	0.900	0.900	ସଦାଶିବ ଗଉଡ଼, ପିତା-ଗୁରୁବାରୁ ଗଉଡ଼, ସା-ଗାଦଗୁଡ଼ା, ଜି-ନବରଙ୍ଗପୁର
212/1852	ଜଳି	83/1219/ 1875	ଘରବାରି	0.040	0.040	ପ୍ରଫୁଲ୍ଲ ସୁନାନୀ, ପିତା-ଭାସ୍କର ସୁନାନୀ, ସା-ଗାଦଗୁଡ଼ା, ଜି-ନବରଙ୍ଗପୁର
212/1373	ଜଳି	56/1251/ 1	ଘରବାରି	0.040	0.040	ଦୟାନିଧି ହରିଜନ, ପିତା-ରମେଶ ହରିଜନ, ସା-ଗାଦଗୁଡ଼ା, ଜି-ନବରଙ୍ଗପୁର
212/241	ଜଳି	64	ଧାନ ଜମି-୨	0.400	0.400	ଗୋପବନ୍ଧୁ ପୁଜାରୀ, ପିତା-ନିତ୍ୟାନନ୍ଦ ପୁଜାରୀ, ସା-ଗାଦଗୁଡ଼ା, ଜି-ନବରଙ୍ଗପୁର
212/777	ଜଳି	65	ଧାନ ଜମି-୨	1.000	1.000	ସୁଦର୍ଶନ ଭତ୍ରା, ପିତା-ଗୋଲକ ଭତ୍ରା, ସା-ଗାଦଗୁଡ଼ା, ଜି-ନବରଙ୍ଗପୁର
212/1854	ଜଳି	57/1876	ଘରବାରି	0.038	0.038	ରାଜକିଶୋର ଗଣ୍ଡ, ପିତା-ଧୃବ ଗଣ୍ଡ, ସା-ଗାଦଗୁଡ଼ା, ଜି-ନବରଙ୍ଗପୁର
Sd/- Tahasildar-cum-Spl.Land Acquisition Officer
Jeypore-Nabarangpur New BG
Rail Link Project, Nandahandi
